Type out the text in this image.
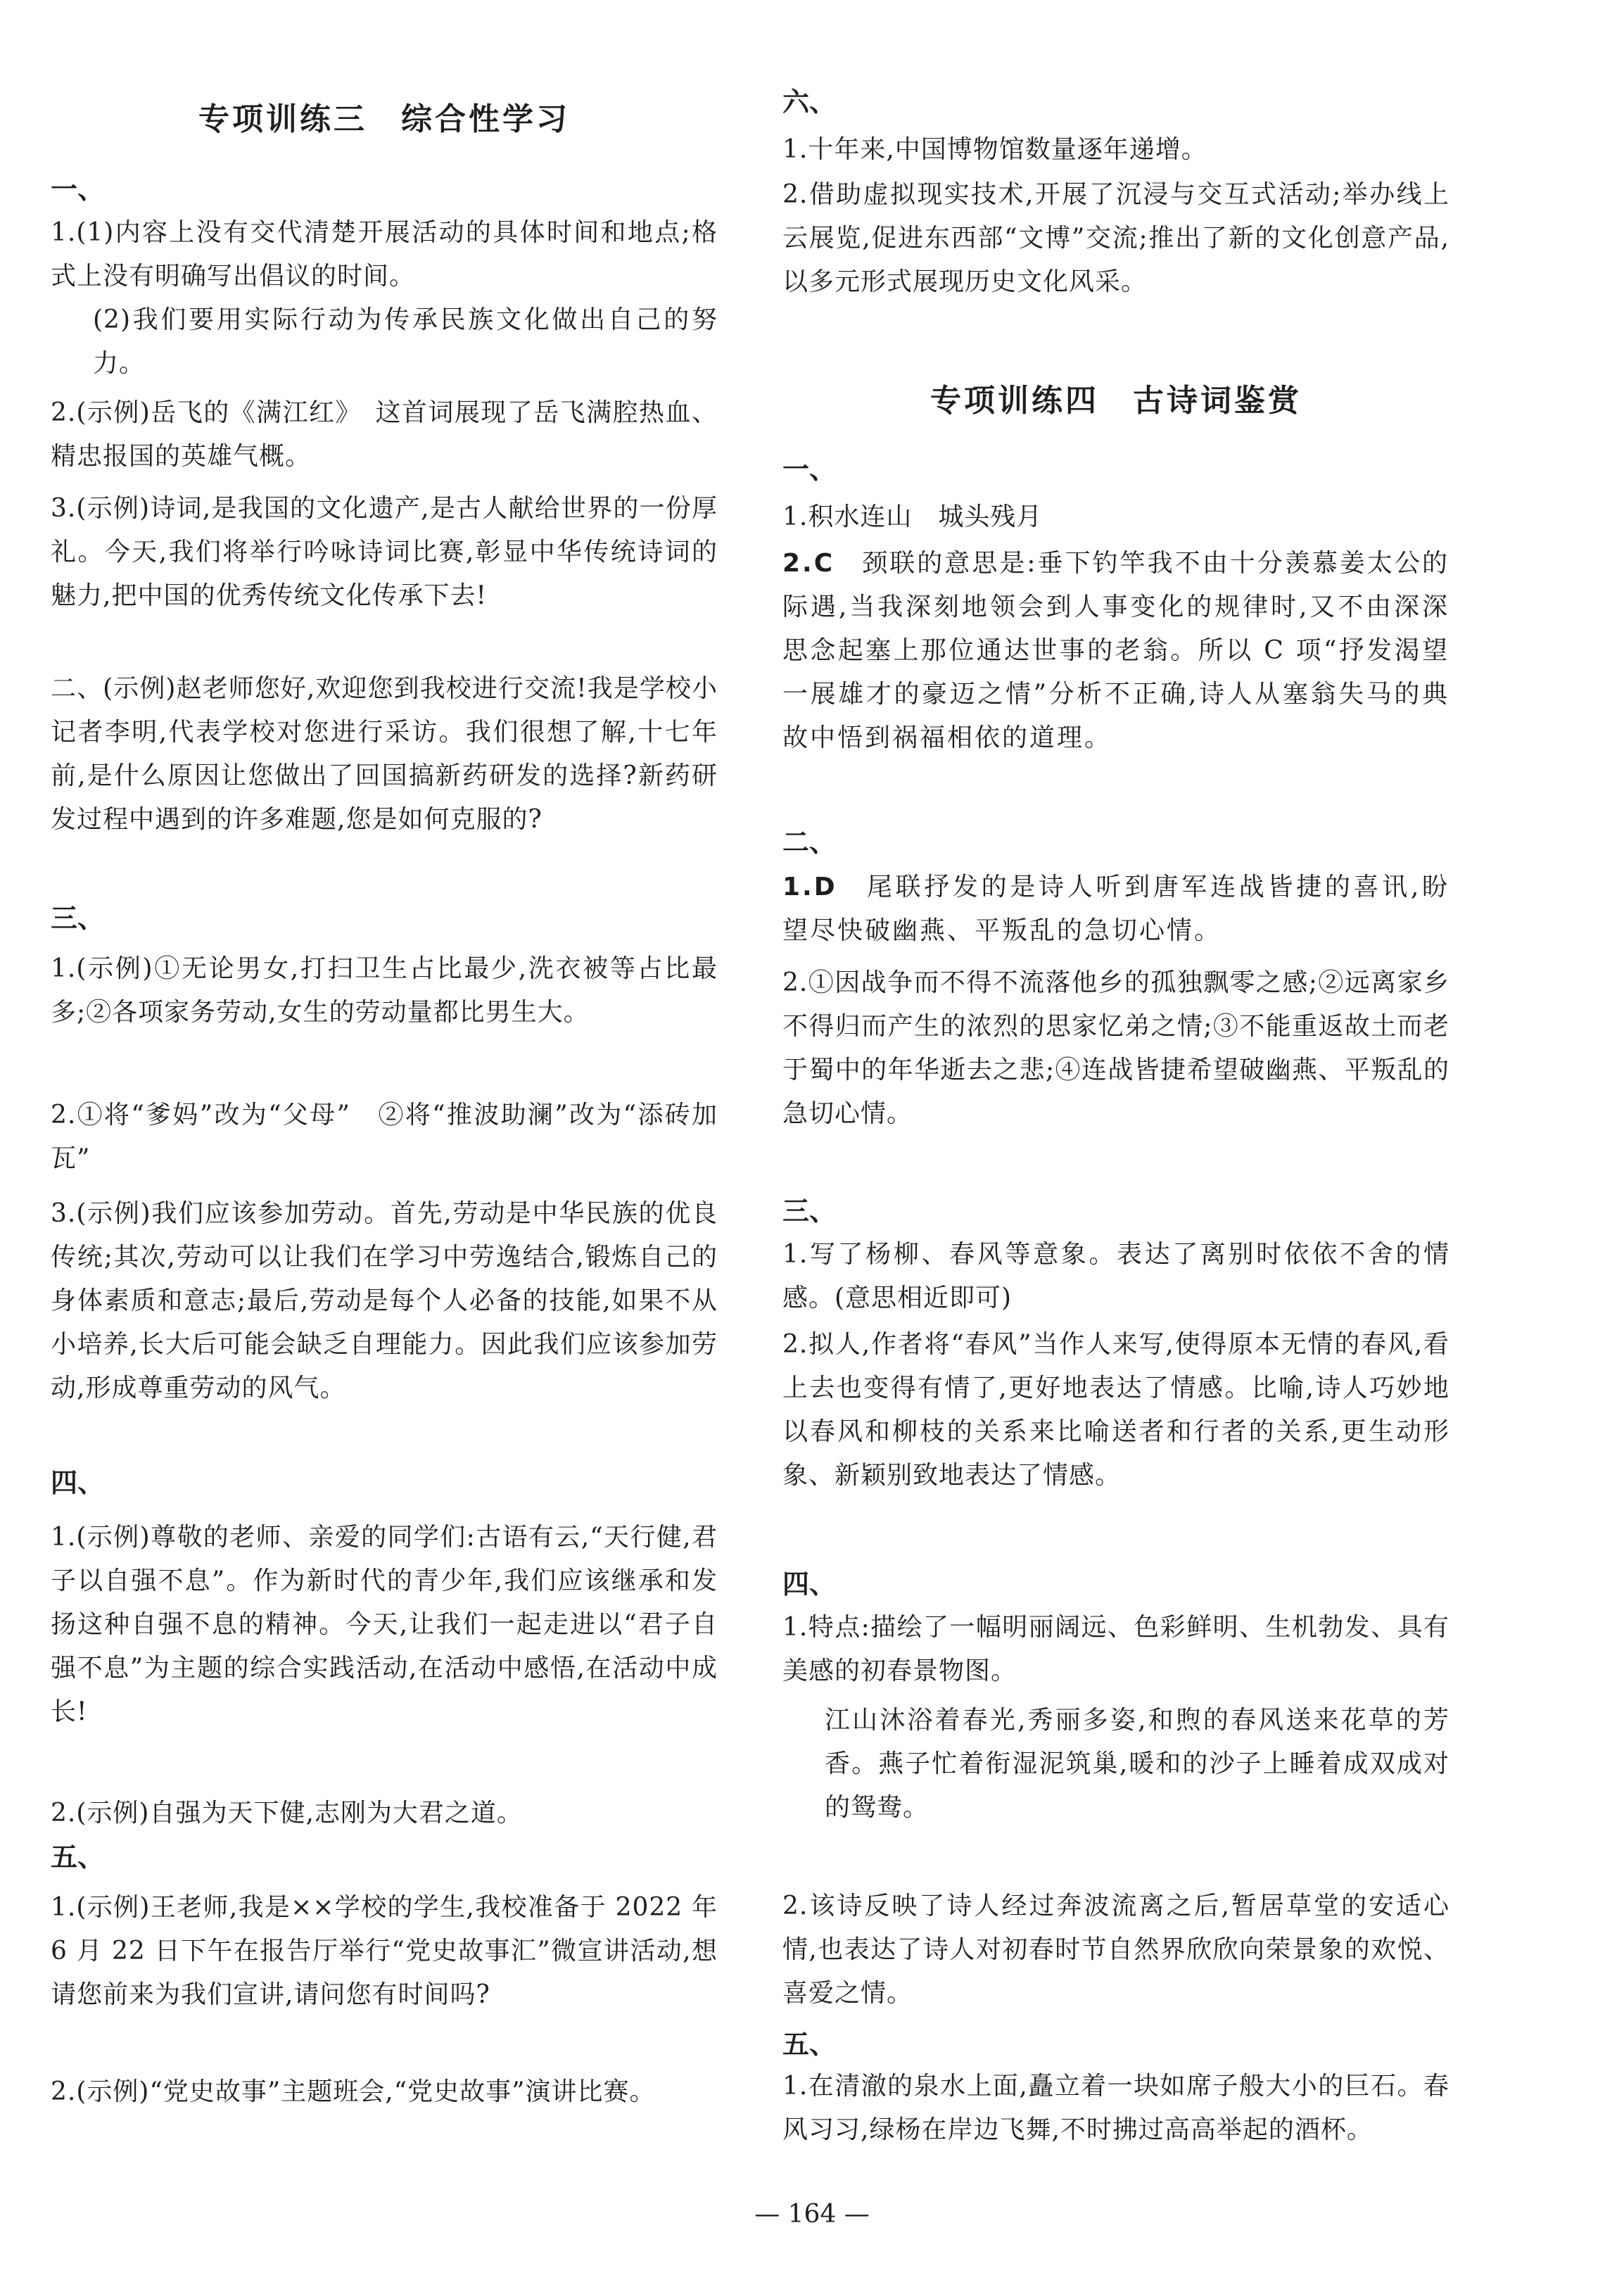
专项训练三　综合性学习
一、
1.(1)内容上没有交代清楚开展活动的具体时间和地点;格式上没有明确写出倡议的时间。
(2)我们要用实际行动为传承民族文化做出自己的努力。
2.(示例)岳飞的《满江红》　这首词展现了岳飞满腔热血、精忠报国的英雄气概。
3.(示例)诗词,是我国的文化遗产,是古人献给世界的一份厚礼。今天,我们将举行吟咏诗词比赛,彰显中华传统诗词的魅力,把中国的优秀传统文化传承下去!
二、(示例)赵老师您好,欢迎您到我校进行交流!我是学校小记者李明,代表学校对您进行采访。我们很想了解,十七年前,是什么原因让您做出了回国搞新药研发的选择?新药研发过程中遇到的许多难题,您是如何克服的?
三、
1.(示例)①无论男女,打扫卫生占比最少,洗衣被等占比最多;②各项家务劳动,女生的劳动量都比男生大。
2.①将“爹妈”改为“父母”　②将“推波助澜”改为“添砖加瓦”
3.(示例)我们应该参加劳动。首先,劳动是中华民族的优良传统;其次,劳动可以让我们在学习中劳逸结合,锻炼自己的身体素质和意志;最后,劳动是每个人必备的技能,如果不从小培养,长大后可能会缺乏自理能力。因此我们应该参加劳动,形成尊重劳动的风气。
四、
1.(示例)尊敬的老师、亲爱的同学们:古语有云,“天行健,君子以自强不息”。作为新时代的青少年,我们应该继承和发扬这种自强不息的精神。今天,让我们一起走进以“君子自强不息”为主题的综合实践活动,在活动中感悟,在活动中成长!
2.(示例)自强为天下健,志刚为大君之道。
五、
1.(示例)王老师,我是××学校的学生,我校准备于 2022 年 6 月 22 日下午在报告厅举行“党史故事汇”微宣讲活动,想请您前来为我们宣讲,请问您有时间吗?
2.(示例)“党史故事”主题班会,“党史故事”演讲比赛。
六、
1.十年来,中国博物馆数量逐年递增。
2.借助虚拟现实技术,开展了沉浸与交互式活动;举办线上云展览,促进东西部“文博”交流;推出了新的文化创意产品,以多元形式展现历史文化风采。
专项训练四　古诗词鉴赏
一、
1.积水连山　城头残月
2.C　 颈联的意思是:垂下钓竿我不由十分羡慕姜太公的际遇,当我深刻地领会到人事变化的规律时,又不由深深思念起塞上那位通达世事的老翁。所以 C 项“抒发渴望一展雄才的豪迈之情”分析不正确,诗人从塞翁失马的典故中悟到祸福相依的道理。
二、
1.D　 尾联抒发的是诗人听到唐军连战皆捷的喜讯,盼望尽快破幽燕、平叛乱的急切心情。
2.①因战争而不得不流落他乡的孤独飘零之感;②远离家乡不得归而产生的浓烈的思家忆弟之情;③不能重返故土而老于蜀中的年华逝去之悲;④连战皆捷希望破幽燕、平叛乱的急切心情。
三、
1.写了杨柳、春风等意象。表达了离别时依依不舍的情感。(意思相近即可)
2.拟人,作者将“春风”当作人来写,使得原本无情的春风,看上去也变得有情了,更好地表达了情感。比喻,诗人巧妙地以春风和柳枝的关系来比喻送者和行者的关系,更生动形象、新颖别致地表达了情感。
四、
1.特点:描绘了一幅明丽阔远、色彩鲜明、生机勃发、具有美感的初春景物图。
江山沐浴着春光,秀丽多姿,和煦的春风送来花草的芳香。燕子忙着衔湿泥筑巢,暖和的沙子上睡着成双成对的鸳鸯。
2.该诗反映了诗人经过奔波流离之后,暂居草堂的安适心情,也表达了诗人对初春时节自然界欣欣向荣景象的欢悦、喜爱之情。
五、
1.在清澈的泉水上面,矗立着一块如席子般大小的巨石。春风习习,绿杨在岸边飞舞,不时拂过高高举起的酒杯。
— 164 —
